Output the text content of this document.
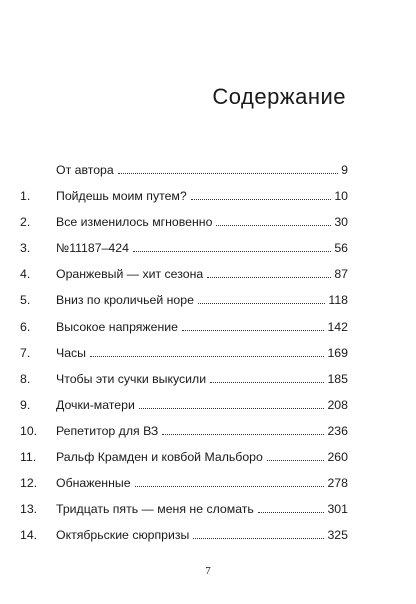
Содержание
От автора	9
1.	Пойдешь моим путем?	10
2.	Все изменилось мгновенно	30
3.	№11187–424	56
4.	Оранжевый — хит сезона	87
5.	Вниз по кроличьей норе	118
6.	Высокое напряжение	142
7.	Часы	169
8.	Чтобы эти сучки выкусили	185
9.	Дочки-матери	208
10.	Репетитор для ВЗ	236
11.	Ральф Крамден и ковбой Мальборо	260
12.	Обнаженные	278
13.	Тридцать пять — меня не сломать	301
14.	Октябрьские сюрпризы	325
7
